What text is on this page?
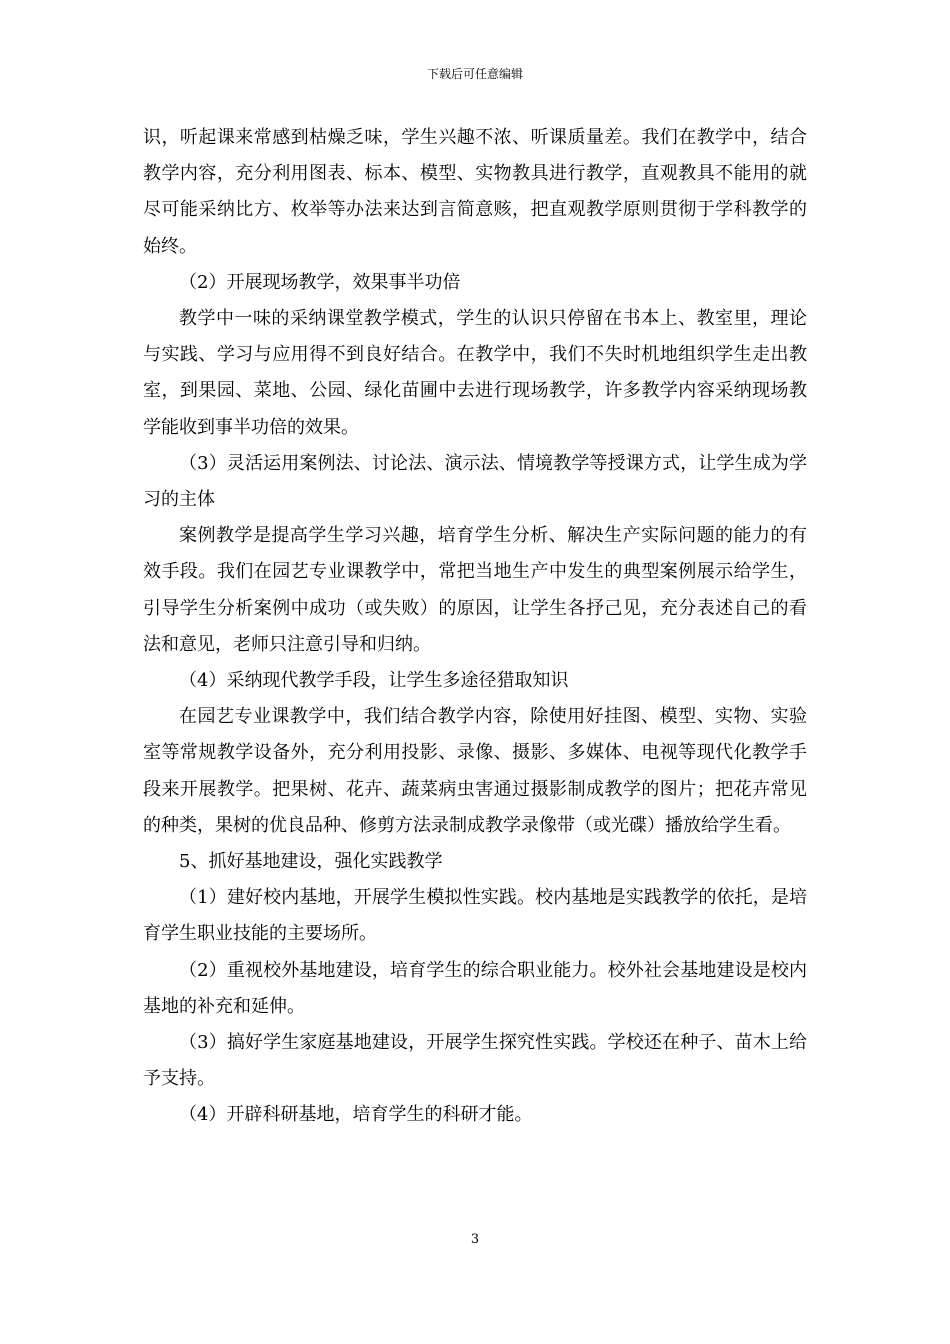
下载后可任意编辑

识，听起课来常感到枯燥乏味，学生兴趣不浓、听课质量差。我们在教学中，结合教学内容，充分利用图表、标本、模型、实物教具进行教学，直观教具不能用的就尽可能采纳比方、枚举等办法来达到言简意赅，把直观教学原则贯彻于学科教学的始终。

（2）开展现场教学，效果事半功倍

教学中一味的采纳课堂教学模式，学生的认识只停留在书本上、教室里，理论与实践、学习与应用得不到良好结合。在教学中，我们不失时机地组织学生走出教室，到果园、菜地、公园、绿化苗圃中去进行现场教学，许多教学内容采纳现场教学能收到事半功倍的效果。

（3）灵活运用案例法、讨论法、演示法、情境教学等授课方式，让学生成为学习的主体

案例教学是提高学生学习兴趣，培育学生分析、解决生产实际问题的能力的有效手段。我们在园艺专业课教学中，常把当地生产中发生的典型案例展示给学生，引导学生分析案例中成功（或失败）的原因，让学生各抒己见，充分表述自己的看法和意见，老师只注意引导和归纳。

（4）采纳现代教学手段，让学生多途径猎取知识

在园艺专业课教学中，我们结合教学内容，除使用好挂图、模型、实物、实验室等常规教学设备外，充分利用投影、录像、摄影、多媒体、电视等现代化教学手段来开展教学。把果树、花卉、蔬菜病虫害通过摄影制成教学的图片；把花卉常见的种类，果树的优良品种、修剪方法录制成教学录像带（或光碟）播放给学生看。

5、抓好基地建设，强化实践教学

（1）建好校内基地，开展学生模拟性实践。校内基地是实践教学的依托，是培育学生职业技能的主要场所。

（2）重视校外基地建设，培育学生的综合职业能力。校外社会基地建设是校内基地的补充和延伸。

（3）搞好学生家庭基地建设，开展学生探究性实践。学校还在种子、苗木上给予支持。

（4）开辟科研基地，培育学生的科研才能。

3
